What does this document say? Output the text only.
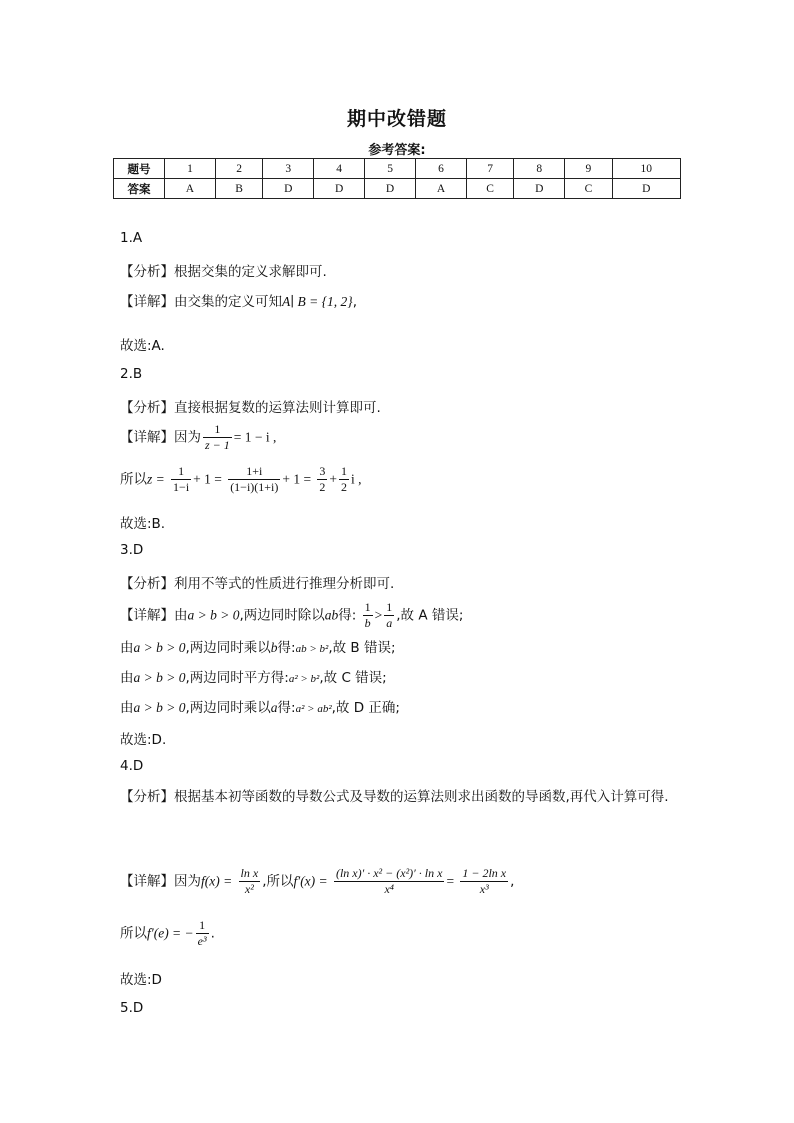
期中改错题
参考答案:
题号	1	2	3	4	5	6	7	8	9	10
答案	A	B	D	D	D	A	C	D	C	D
1.A
【分析】根据交集的定义求解即可.
【详解】由交集的定义可知A∣ B = {1, 2},
故选:A.
2.B
【分析】直接根据复数的运算法则计算即可.
【详解】因为 $\frac{1}{z - 1} = 1 - i$ ,
所以$z = \frac{1}{1-i} + 1 = \frac{1+i}{(1-i)(1+i)} + 1 = \frac{3}{2} + \frac{1}{2}$ i ,
故选:B.
3.D
【分析】利用不等式的性质进行推理分析即可.
【详解】由a > b > 0,两边同时除以ab得: $\frac{1}{b} > \frac{1}{a}$ ,故 A 错误;
由a > b > 0,两边同时乘以b得:ab > b²,故 B 错误;
由a > b > 0,两边同时平方得:a² > b²,故 C 错误;
由a > b > 0,两边同时乘以a得:a² > ab²,故 D 正确;
故选:D.
4.D
【分析】根据基本初等函数的导数公式及导数的运算法则求出函数的导函数,再代入计算可得.
【详解】因为$f(x) = \frac{\text{ln x}}{\text{x²}}$ ,所以$f'(x) = \frac{\text{(ln x)′ · x² − (x²)′ · ln x}}{\text{x⁴}} = \frac{\text{1 − 2ln x}}{\text{x³}}$ ,
所以f′(e) = − $\frac{1}{\text{e³}}$ .
故选:D
5.D
